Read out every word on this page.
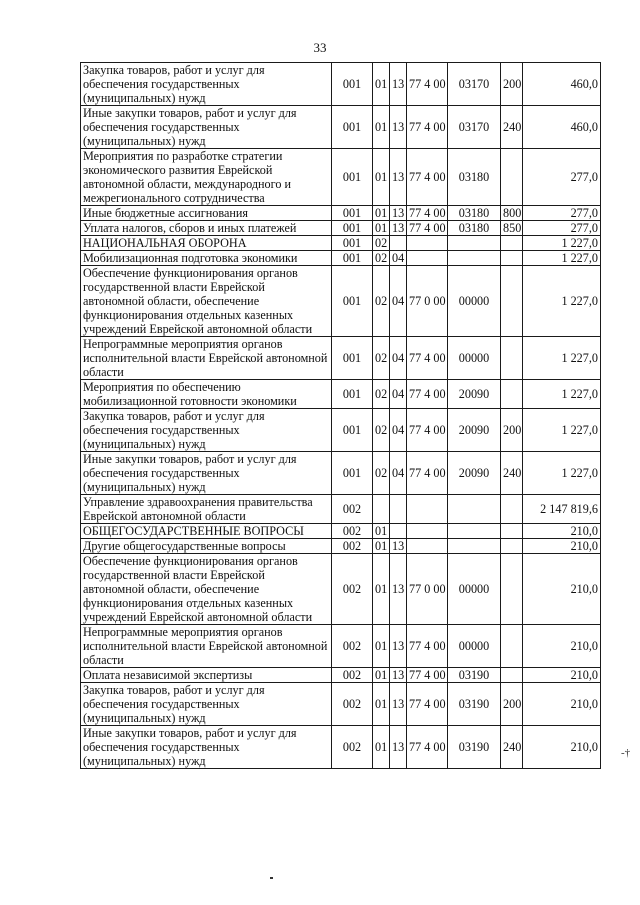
33
Закупка товаров, работ и услуг для обеспечения государственных (муниципальных) нужд	001	01	13	77 4 00	03170	200	460,0
Иные закупки товаров, работ и услуг для обеспечения государственных (муниципальных) нужд	001	01	13	77 4 00	03170	240	460,0
Мероприятия по разработке стратегии экономического развития Еврейской автономной области, международного и межрегионального сотрудничества	001	01	13	77 4 00	03180		277,0
Иные бюджетные ассигнования	001	01	13	77 4 00	03180	800	277,0
Уплата налогов, сборов и иных платежей	001	01	13	77 4 00	03180	850	277,0
НАЦИОНАЛЬНАЯ ОБОРОНА	001	02					1 227,0
Мобилизационная подготовка экономики	001	02	04				1 227,0
Обеспечение функционирования органов государственной власти Еврейской автономной области, обеспечение функционирования отдельных казенных учреждений Еврейской автономной области	001	02	04	77 0 00	00000		1 227,0
Непрограммные мероприятия органов исполнительной власти Еврейской автономной области	001	02	04	77 4 00	00000		1 227,0
Мероприятия по обеспечению мобилизационной готовности экономики	001	02	04	77 4 00	20090		1 227,0
Закупка товаров, работ и услуг для обеспечения государственных (муниципальных) нужд	001	02	04	77 4 00	20090	200	1 227,0
Иные закупки товаров, работ и услуг для обеспечения государственных (муниципальных) нужд	001	02	04	77 4 00	20090	240	1 227,0
Управление здравоохранения правительства Еврейской автономной области	002						2 147 819,6
ОБЩЕГОСУДАРСТВЕННЫЕ ВОПРОСЫ	002	01					210,0
Другие общегосударственные вопросы	002	01	13				210,0
Обеспечение функционирования органов государственной власти Еврейской автономной области, обеспечение функционирования отдельных казенных учреждений Еврейской автономной области	002	01	13	77 0 00	00000		210,0
Непрограммные мероприятия органов исполнительной власти Еврейской автономной области	002	01	13	77 4 00	00000		210,0
Оплата независимой экспертизы	002	01	13	77 4 00	03190		210,0
Закупка товаров, работ и услуг для обеспечения государственных (муниципальных) нужд	002	01	13	77 4 00	03190	200	210,0
Иные закупки товаров, работ и услуг для обеспечения государственных (муниципальных) нужд	002	01	13	77 4 00	03190	240	210,0 -†
